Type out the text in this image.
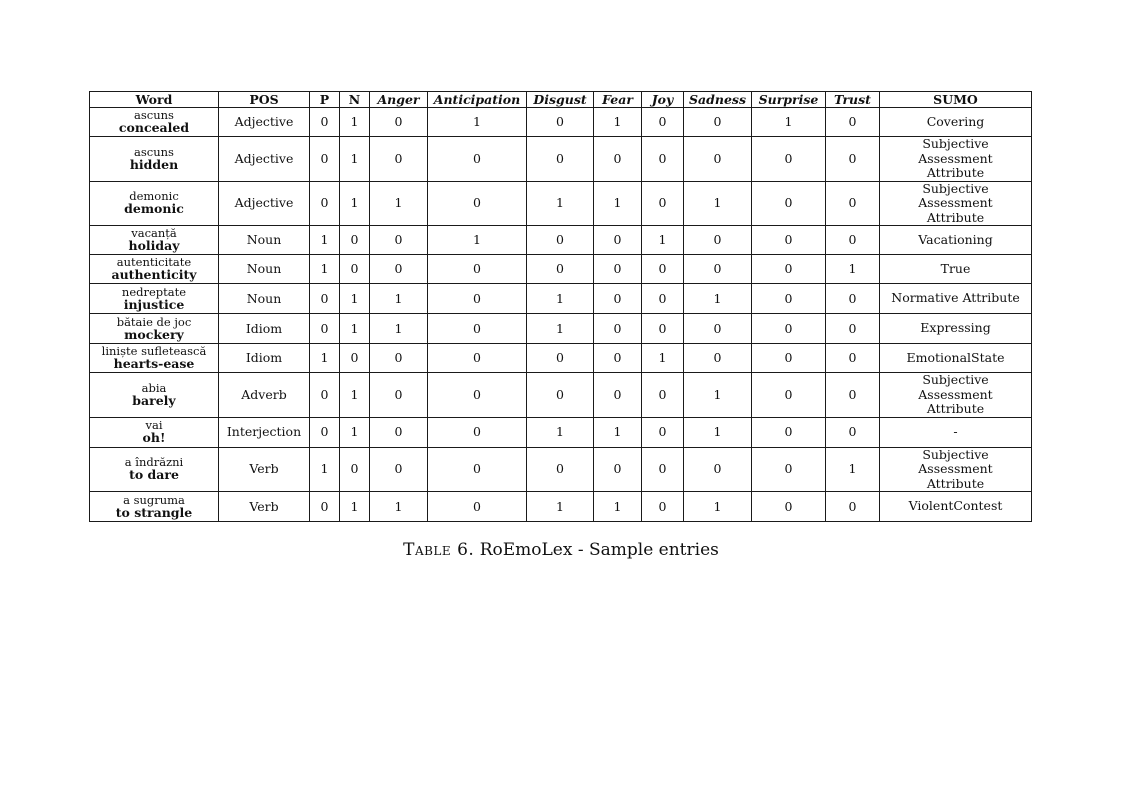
Word	POS	P	N	Anger	Anticipation	Disgust	Fear	Joy	Sadness	Surprise	Trust	SUMO

ascuns
concealed	Adjective	0	1	0	1	0	1	0	0	1	0	Covering

ascuns
hidden	Adjective	0	1	0	0	0	0	0	0	0	0	Subjective
Assessment
Attribute

demonic
demonic	Adjective	0	1	1	0	1	1	0	1	0	0	Subjective
Assessment
Attribute

vacanță
holiday	Noun	1	0	0	1	0	0	1	0	0	0	Vacationing

autenticitate
authenticity	Noun	1	0	0	0	0	0	0	0	0	1	True

nedreptate
injustice	Noun	0	1	1	0	1	0	0	1	0	0	Normative Attribute

bătaie de joc
mockery	Idiom	0	1	1	0	1	0	0	0	0	0	Expressing

liniște sufletească
hearts-ease	Idiom	1	0	0	0	0	0	1	0	0	0	EmotionalState

abia
barely	Adverb	0	1	0	0	0	0	0	1	0	0	Subjective
Assessment
Attribute

vai
oh!	Interjection	0	1	0	0	1	1	0	1	0	0	-

a îndrăzni
to dare	Verb	1	0	0	0	0	0	0	0	0	1	Subjective
Assessment
Attribute

a sugruma
to strangle	Verb	0	1	1	0	1	1	0	1	0	0	ViolentContest
Table 6. RoEmoLex - Sample entries
